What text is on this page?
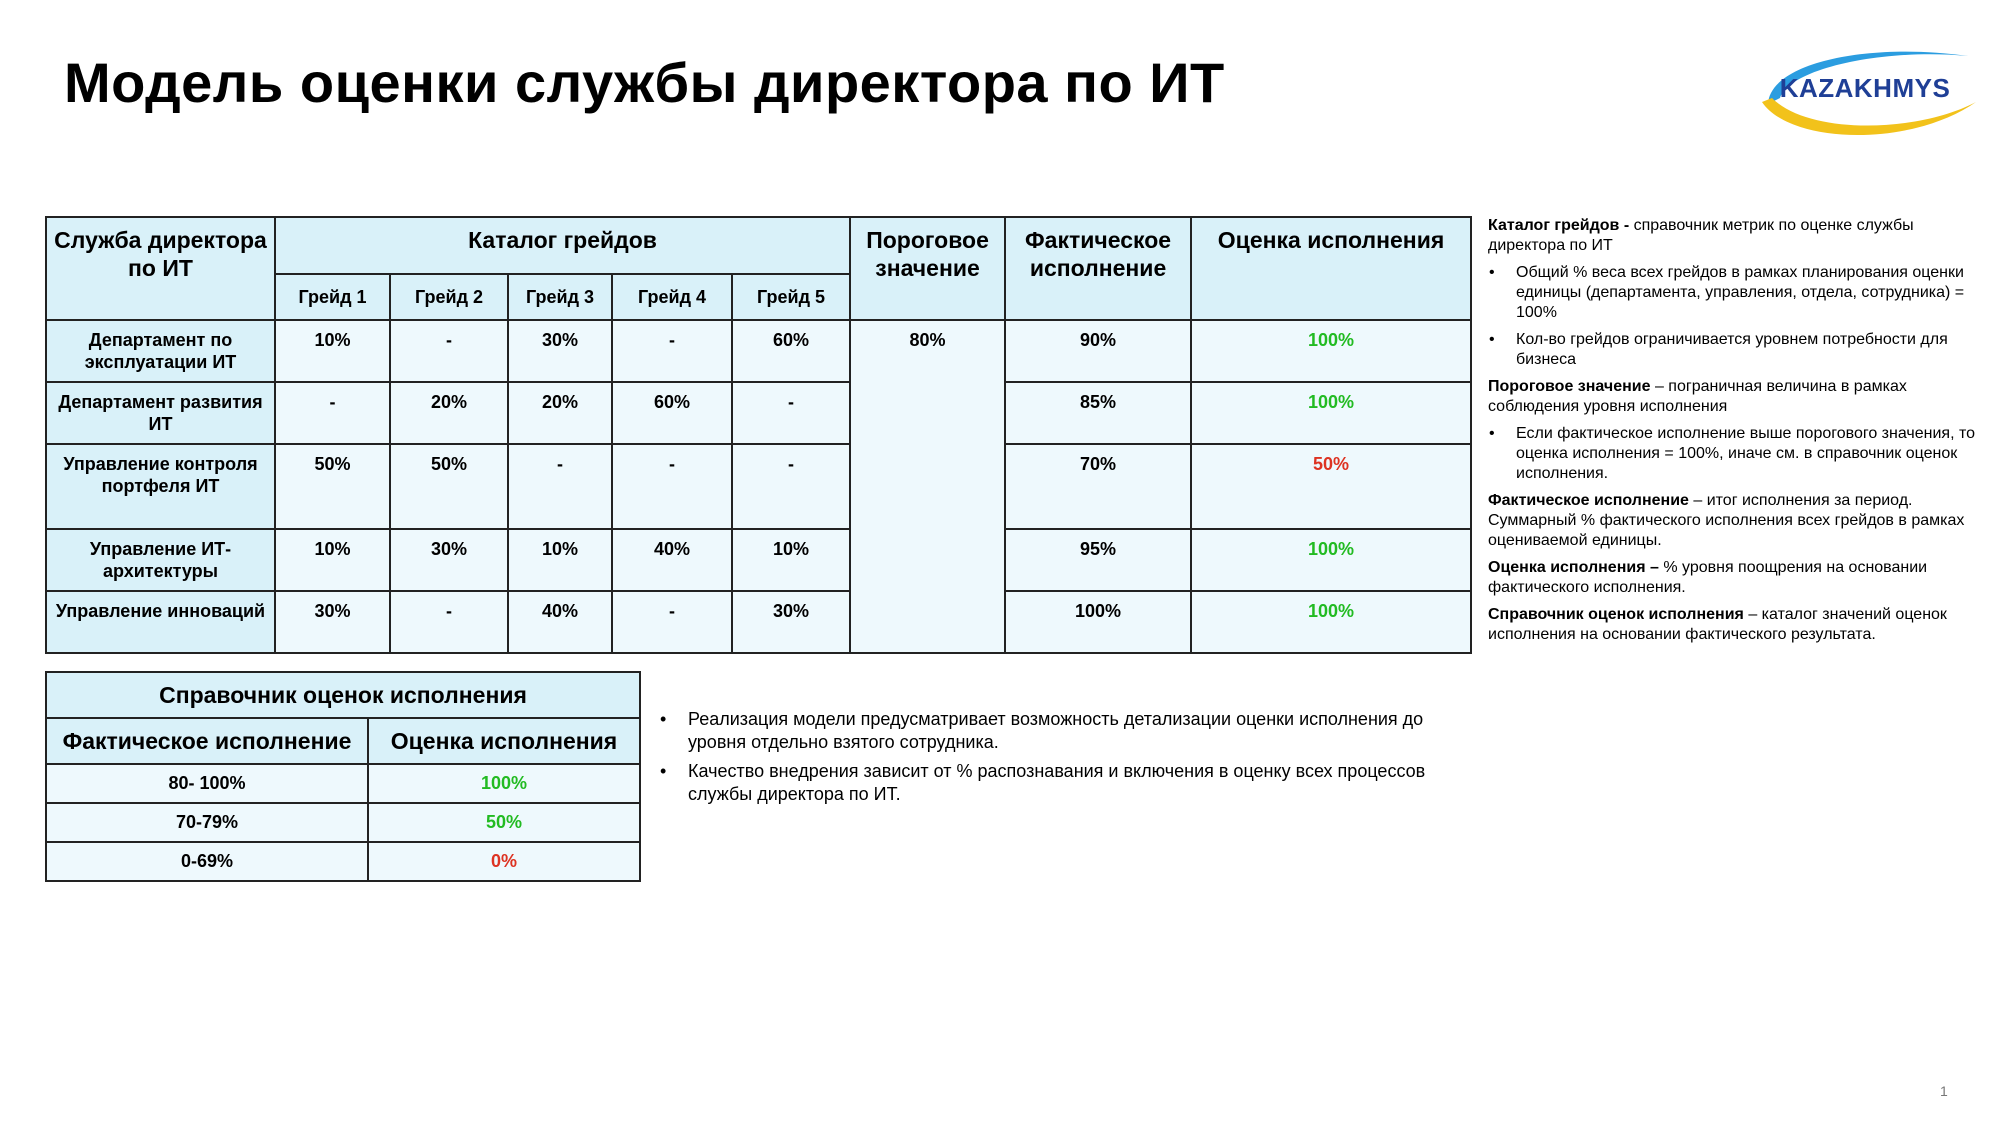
Модель оценки службы директора по ИТ	KAZAKHMYS
Служба директора по ИТ	Каталог грейдов					Пороговое значение	Фактическое исполнение	Оценка исполнения
	Грейд 1	Грейд 2	Грейд 3	Грейд 4	Грейд 5			
Департамент по эксплуатации ИТ	10%	-	30%	-	60%	80%	90%	100%
Департамент развития ИТ	-	20%	20%	60%	-		85%	100%
Управление контроля портфеля ИТ	50%	50%	-	-	-		70%	50%
Управление ИТ-архитектуры	10%	30%	10%	40%	10%		95%	100%
Управление инноваций	30%	-	40%	-	30%		100%	100%
Справочник оценок исполнения	
Фактическое исполнение	Оценка исполнения
80- 100%	100%
70-79%	50%
0-69%	0%

Каталог грейдов - справочник метрик по оценке службы директора по ИТ

• Общий % веса всех грейдов в рамках планирования оценки единицы (департамента, управления, отдела, сотрудника) = 100%
• Кол-во грейдов ограничивается уровнем потребности для бизнеса

Пороговое значение – пограничная величина в рамках соблюдения уровня исполнения

• Если фактическое исполнение выше порогового значения, то оценка исполнения = 100%, иначе см. в справочник оценок исполнения.

Фактическое исполнение – итог исполнения за период. Суммарный % фактического исполнения всех грейдов в рамках оцениваемой единицы.

Оценка исполнения – % уровня поощрения на основании фактического исполнения.

Справочник оценок исполнения – каталог значений оценок исполнения на основании фактического результата.

• Реализация модели предусматривает возможность детализации оценки исполнения до уровня отдельно взятого сотрудника.
• Качество внедрения зависит от % распознавания и включения в оценку всех процессов службы директора по ИТ.
1
